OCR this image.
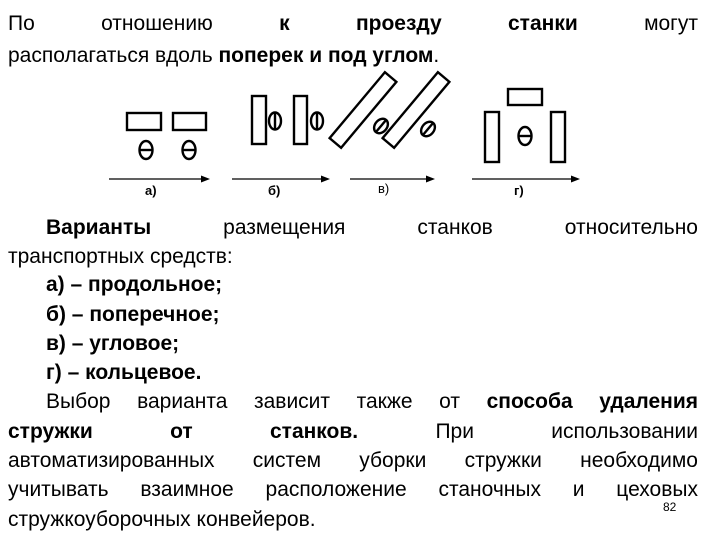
По	отношению	к	проезду	станки	могут
располагаться вдоль поперек и под углом.
а)	б)	в)	г)
Варианты	размещения	станков	относительно
транспортных средств:
а) – продольное;
б) – поперечное;
в) – угловое;
г) – кольцевое.
Выбор варианта зависит также от способа удаления
стружки	от	станков.	При	использовании
автоматизированных систем уборки стружки необходимо
учитывать взаимное расположение станочных и цеховых
стружкоуборочных конвейеров.
82
